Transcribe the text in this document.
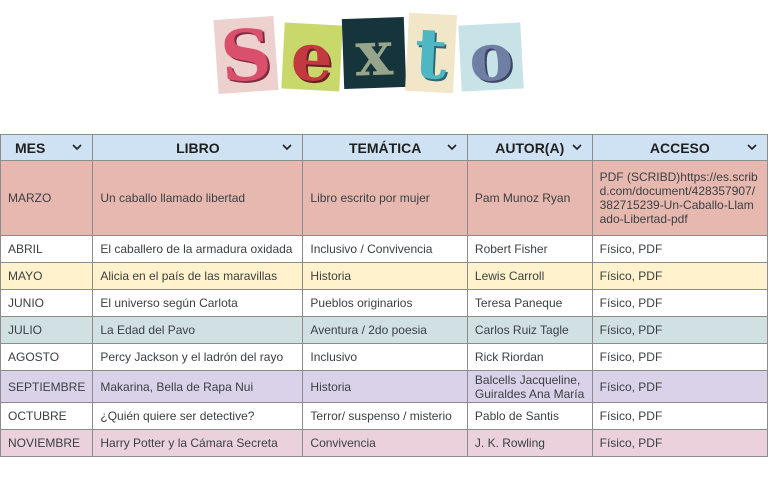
S e x t o
MES	LIBRO	TEMÁTICA	AUTOR(A)	ACCESO

MARZO	Un caballo llamado libertad	Libro escrito por mujer	Pam Munoz Ryan	PDF (SCRIBD)https://es.scribd.com/document/428357907/382715239-Un-Caballo-Llamado-Libertad-pdf
ABRIL	El caballero de la armadura oxidada	Inclusivo / Convivencia	Robert Fisher	Físico, PDF
MAYO	Alicia en el país de las maravillas	Historia	Lewis Carroll	Físico, PDF
JUNIO	El universo según Carlota	Pueblos originarios	Teresa Paneque	Físico, PDF
JULIO	La Edad del Pavo	Aventura / 2do poesia	Carlos Ruiz Tagle	Físico, PDF
AGOSTO	Percy Jackson y el ladrón del rayo	Inclusivo	Rick Riordan	Físico, PDF
SEPTIEMBRE	Makarina, Bella de Rapa Nui	Historia	Balcells Jacqueline, Guiraldes Ana María	Físico, PDF
OCTUBRE	¿Quién quiere ser detective?	Terror/ suspenso / misterio	Pablo de Santis	Físico, PDF
NOVIEMBRE	Harry Potter y la Cámara Secreta	Convivencia	J. K. Rowling	Físico, PDF
